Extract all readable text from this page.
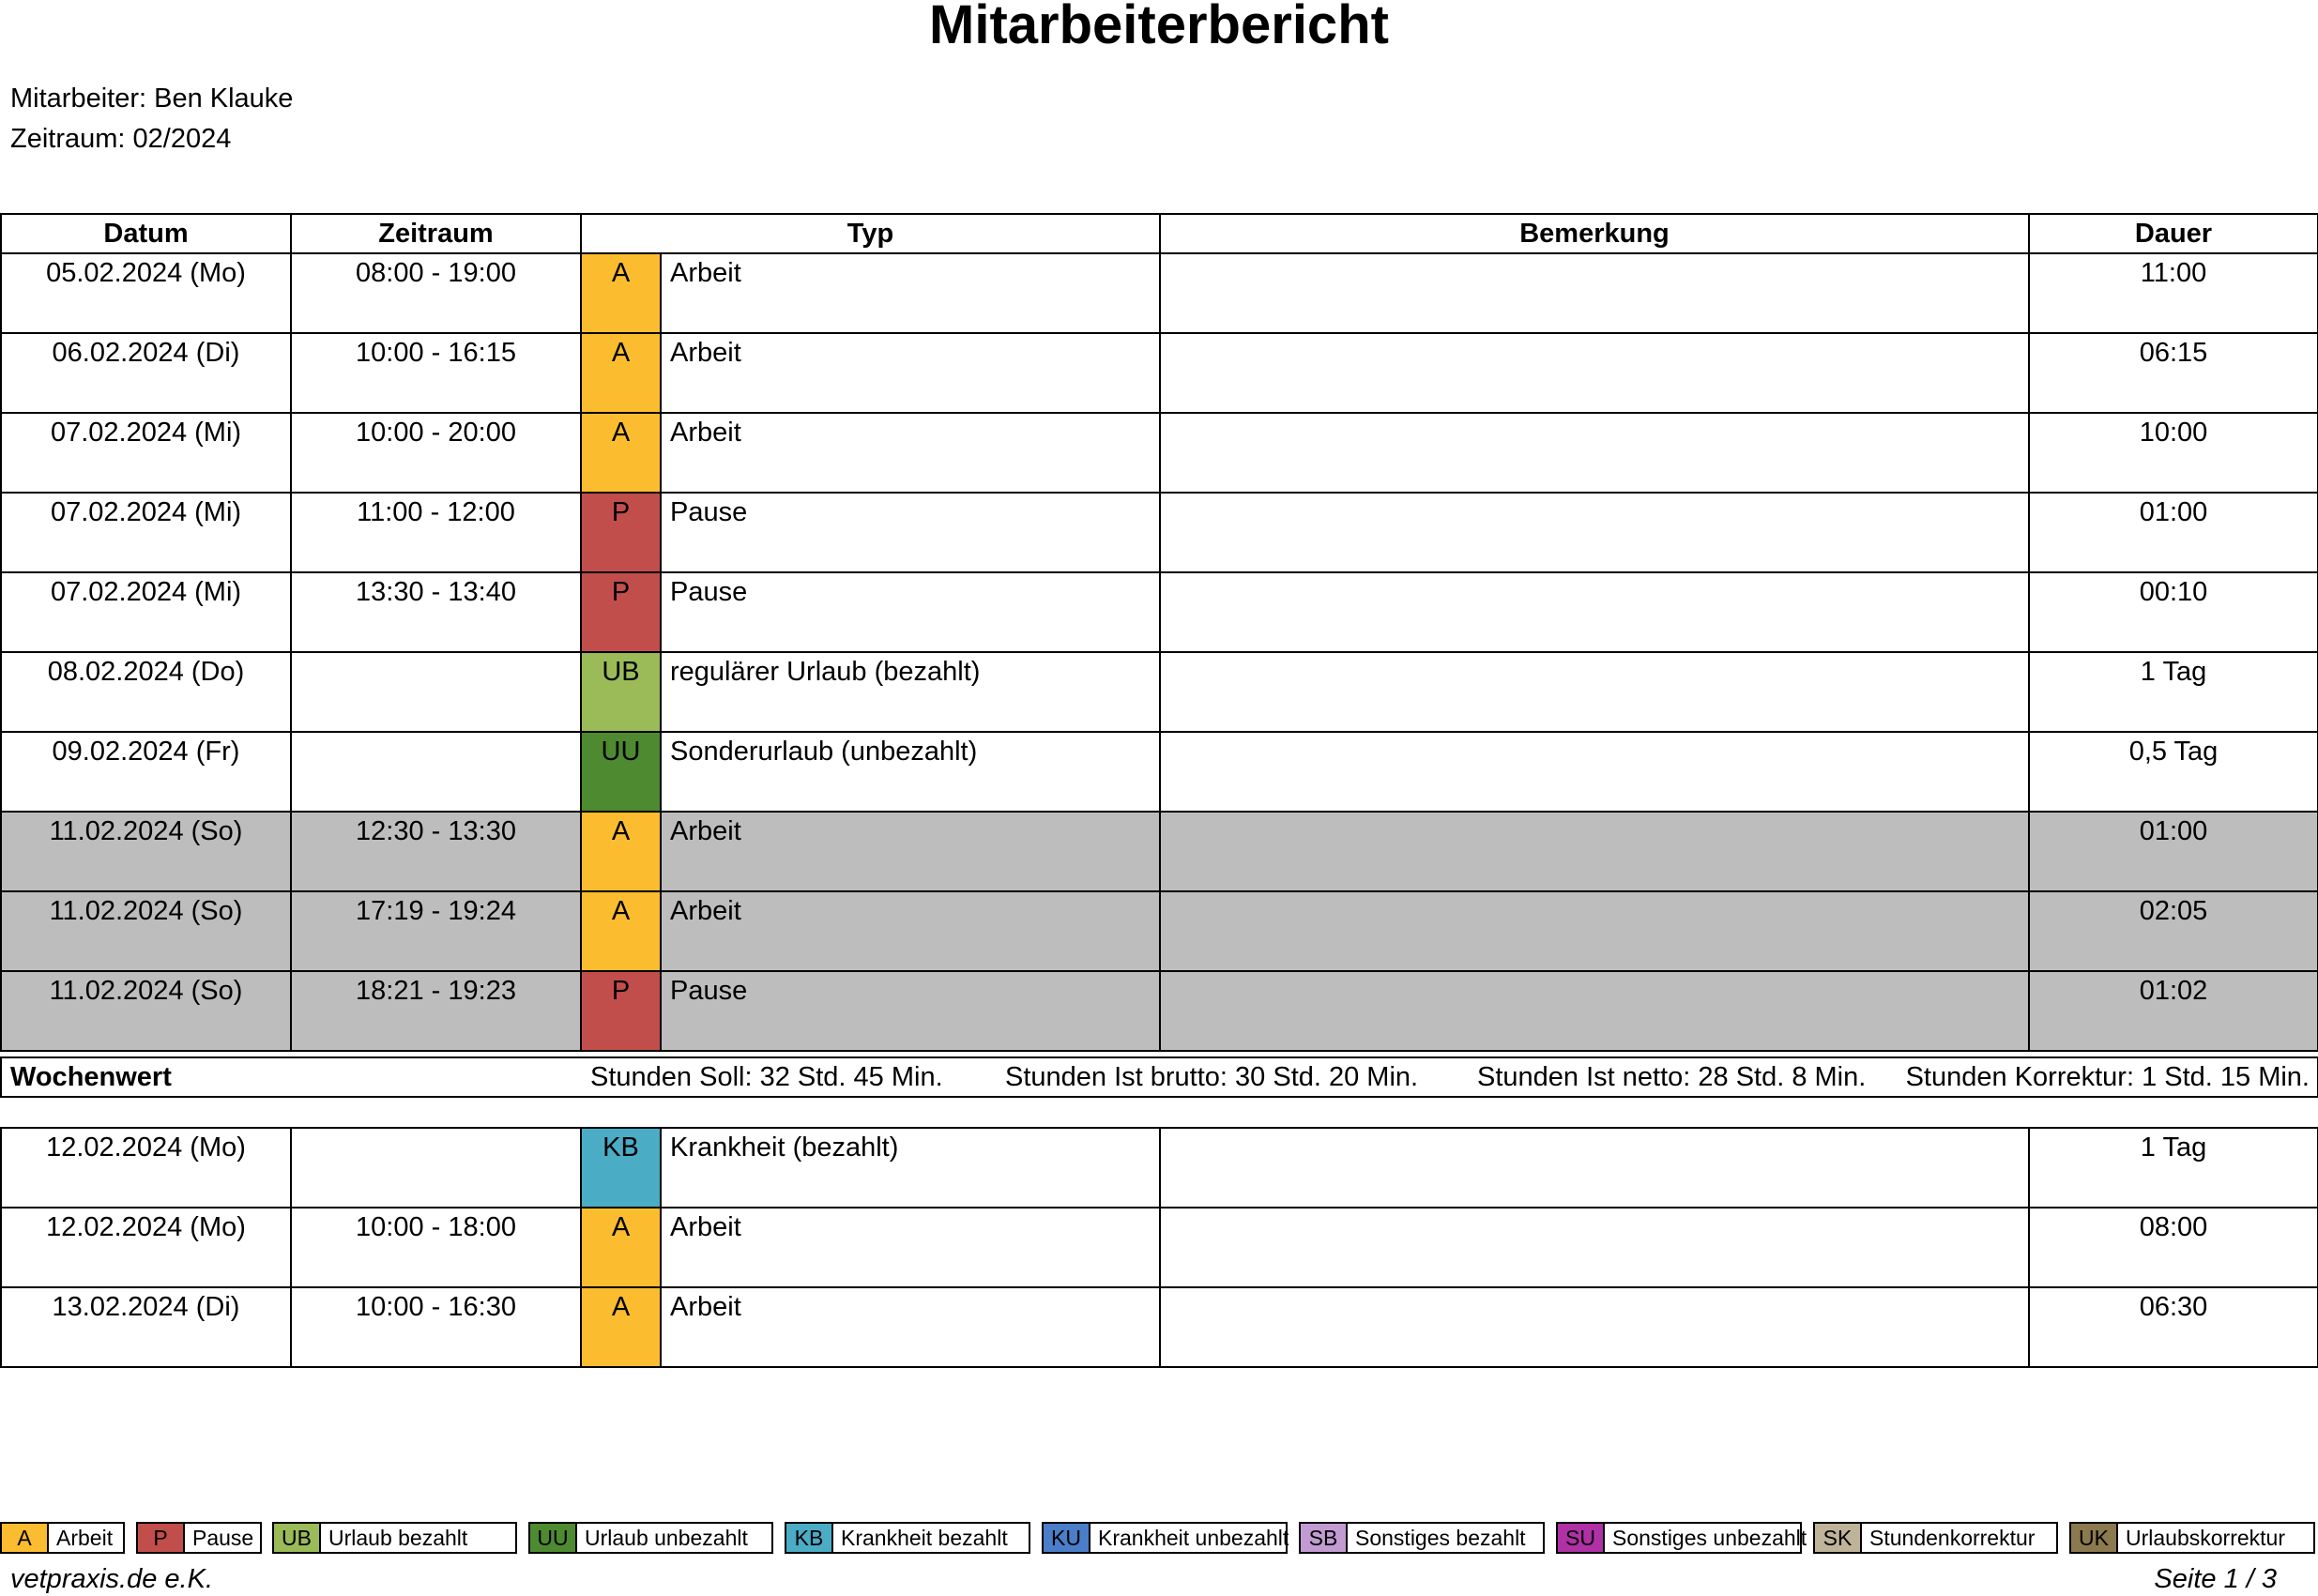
Mitarbeiterbericht
Mitarbeiter: Ben Klauke
Zeitraum: 02/2024
Datum	Zeitraum	Typ		Bemerkung	Dauer
05.02.2024 (Mo)	08:00 - 19:00	A	Arbeit		11:00
06.02.2024 (Di)	10:00 - 16:15	A	Arbeit		06:15
07.02.2024 (Mi)	10:00 - 20:00	A	Arbeit		10:00
07.02.2024 (Mi)	11:00 - 12:00	P	Pause		01:00
07.02.2024 (Mi)	13:30 - 13:40	P	Pause		00:10
08.02.2024 (Do)		UB	regulärer Urlaub (bezahlt)		1 Tag
09.02.2024 (Fr)		UU	Sonderurlaub (unbezahlt)		0,5 Tag
11.02.2024 (So)	12:30 - 13:30	A	Arbeit		01:00
11.02.2024 (So)	17:19 - 19:24	A	Arbeit		02:05
11.02.2024 (So)	18:21 - 19:23	P	Pause		01:02
Wochenwert	Stunden Soll: 32 Std. 45 Min. Stunden Ist brutto: 30 Std. 20 Min. Stunden Ist netto: 28 Std. 8 Min. Stunden Korrektur: 1 Std. 15 Min.
12.02.2024 (Mo)		KB	Krankheit (bezahlt)		1 Tag
12.02.2024 (Mo)	10:00 - 18:00	A	Arbeit		08:00
13.02.2024 (Di)	10:00 - 16:30	A	Arbeit		06:30
A Arbeit	P Pause	UB Urlaub bezahlt	UU Urlaub unbezahlt	KB Krankheit bezahlt	KU Krankheit unbezahlt SB Sonstiges bezahlt	SU Sonstiges unbezahlt SK Stundenkorrektur	UK Urlaubskorrektur
vetpraxis.de e.K.	Seite 1 / 3
